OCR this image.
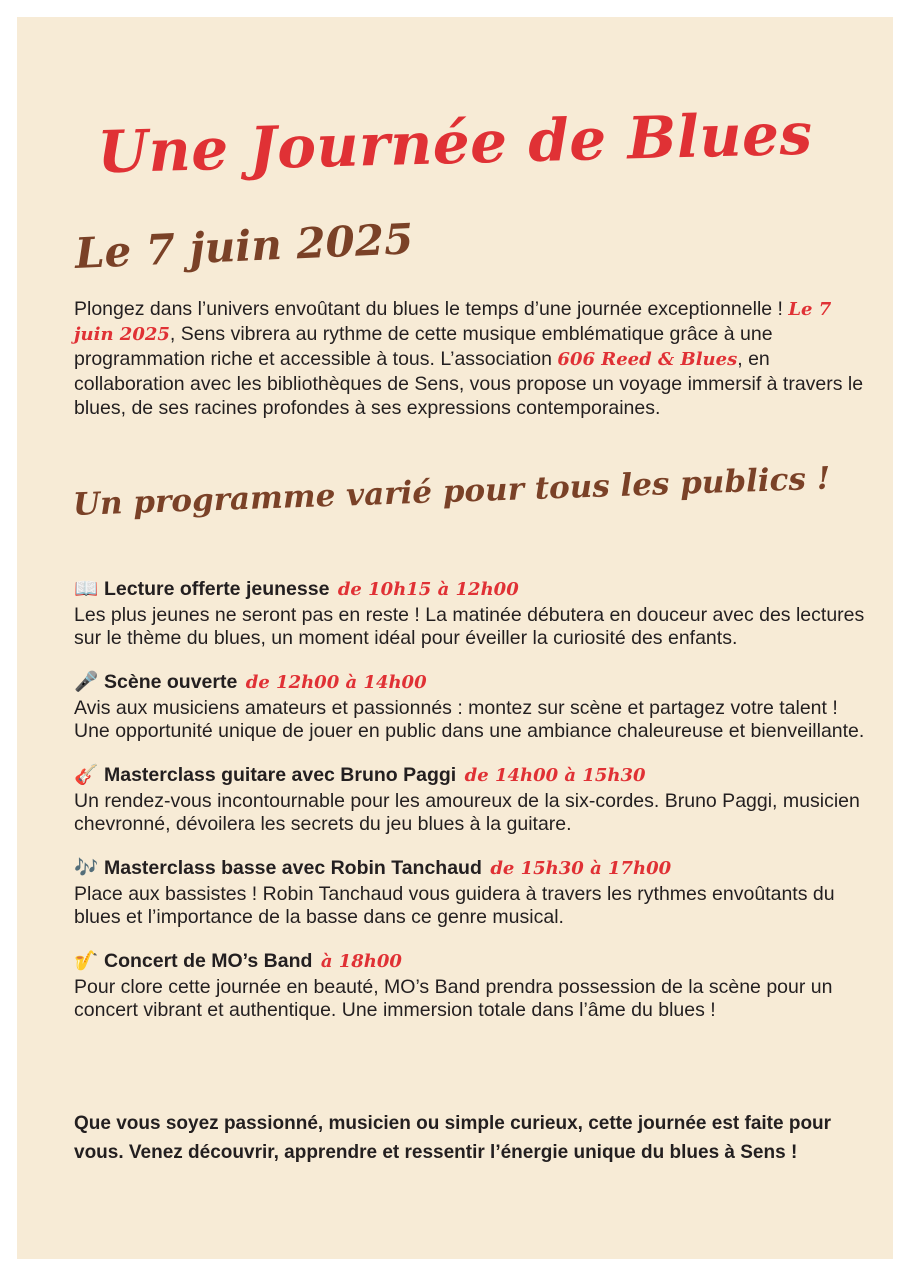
Une Journée de Blues
Le 7 juin 2025

Plongez dans l’univers envoûtant du blues le temps d’une journée exceptionnelle ! Le 7 juin 2025, Sens vibrera au rythme de cette musique emblématique grâce à une programmation riche et accessible à tous. L’association 606 Reed & Blues, en collaboration avec les bibliothèques de Sens, vous propose un voyage immersif à travers le blues, de ses racines profondes à ses expressions contemporaines.

Un programme varié pour tous les publics !
📖 Lecture offerte jeunesse de 10h15 à 12h00
Les plus jeunes ne seront pas en reste ! La matinée débutera en douceur avec des lectures sur le thème du blues, un moment idéal pour éveiller la curiosité des enfants.
🎤 Scène ouverte de 12h00 à 14h00
Avis aux musiciens amateurs et passionnés : montez sur scène et partagez votre talent ! Une opportunité unique de jouer en public dans une ambiance chaleureuse et bienveillante.
🎸 Masterclass guitare avec Bruno Paggi de 14h00 à 15h30
Un rendez-vous incontournable pour les amoureux de la six-cordes. Bruno Paggi, musicien chevronné, dévoilera les secrets du jeu blues à la guitare.
🎶 Masterclass basse avec Robin Tanchaud de 15h30 à 17h00
Place aux bassistes ! Robin Tanchaud vous guidera à travers les rythmes envoûtants du blues et l’importance de la basse dans ce genre musical.
🎷 Concert de MO’s Band à 18h00
Pour clore cette journée en beauté, MO’s Band prendra possession de la scène pour un concert vibrant et authentique. Une immersion totale dans l’âme du blues !

Que vous soyez passionné, musicien ou simple curieux, cette journée est faite pour vous. Venez découvrir, apprendre et ressentir l’énergie unique du blues à Sens !
